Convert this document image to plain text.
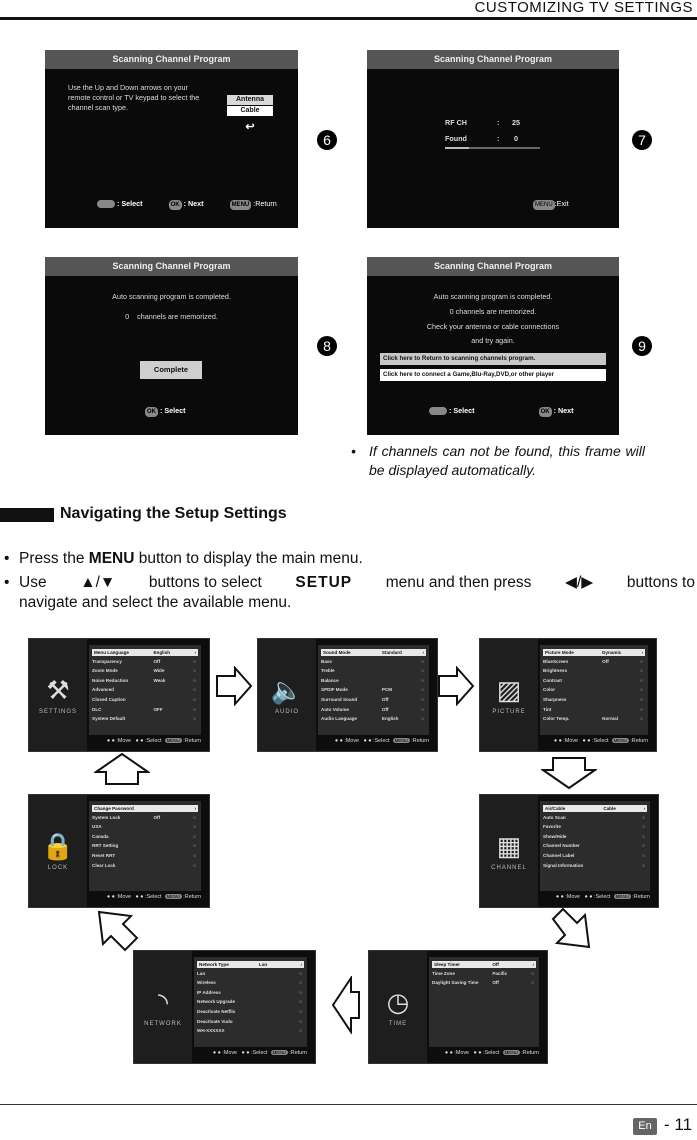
CUSTOMIZING TV SETTINGS
Scanning Channel Program
Use the Up and Down arrows on your remote control or TV keypad to select the channel scan type.
Antenna
Cable
↩
: Select	OK : Next	MENU :Return
6
Scanning Channel Program
RF CH	: 25
Found	: 0
MENU :Exit
7
Scanning Channel Program
Auto scanning program is completed.
0    channels are memorized.
Complete
OK : Select
8
Scanning Channel Program
Auto scanning program is completed.
0 channels are memorized.
Check your antenna or cable connections
and try again.
Click here to Return to scanning channels program.
Click here to connect a Game,Blu-Ray,DVD,or other player
: Select	OK : Next
9
• If channels can not be found, this frame will be displayed automatically.
Navigating the Setup Settings
• Press the MENU button to display the main menu.
• Use ▲/▼ buttons to select SETUP menu and then press ◀/▶ buttons to
navigate and select the available menu.
⚒
SETTINGS
Menu Language	English	›
Transparency	Off	○
Zoom Mode	Wide	○
Noise Reduction	Weak	○
Advanced	○
Closed Caption	○
DLC	OFF	○
System Default	○
● ● :Move   ● ● :Select MENU :Return
🔈
AUDIO
Sound Mode	Standard	›
Bass	○
Treble	○
Balance	○
SPDIF Mode	PCM	○
Surround Sound	Off	○
Auto Volume	Off	○
Audio Language	English	○
● ● :Move   ● ● :Select MENU :Return
▨
PICTURE
Picture Mode	Dynamic	›
BlueScreen	Off	○
Brightness	○
Contrast	○
Color	○
Sharpness	○
Tint	○
Color Temp.	Normal	○
● ● :Move   ● ● :Select MENU :Return
🔒
LOCK
Change Password	›
System Lock	Off	○
USA	○
Canada	○
RRT Setting	○
Reset RRT	○
Clear Lock	○
● ● :Move   ● ● :Select MENU :Return
▦
CHANNEL
Air/Cable	Cable	›
Auto Scan	○
Favorite	○
Show/Hide	○
Channel Number	○
Channel Label	○
Signal Information	○
● ● :Move   ● ● :Select MENU :Return
◝
NETWORK
Network Type	Lan	›
Lan	○
Wireless	○
IP Address	○
Network Upgrade	○
Deactivate Netflix	○
Deactivate Vudu	○
WH-XXXXXX	○
● ● :Move   ● ● :Select MENU :Return
◷
TIME
Sleep Timer	Off	›
Time Zone	Pacific	○
Daylight Saving Time	Off	○
● ● :Move   ● ● :Select MENU :Return
En - 11
